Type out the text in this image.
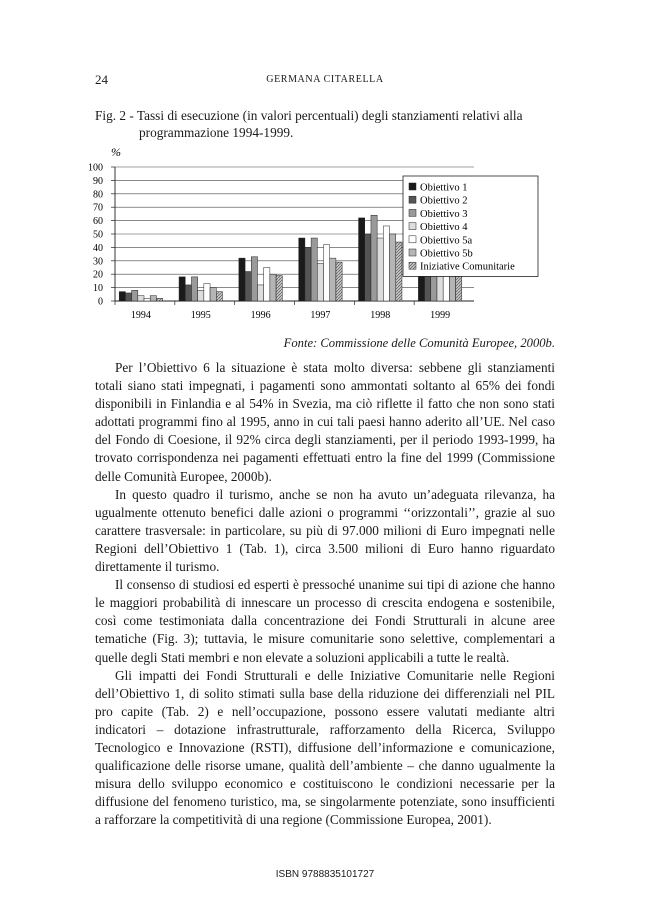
24	GERMANA CITARELLA
Fig. 2 - Tassi di esecuzione (in valori percentuali) degli stanziamenti relativi alla
programmazione 1994-1999.
0
10
20
30
40
50
60
70
80
90
100
1994	1995	1996	1997	1998	1999
%
Obiettivo 1
Obiettivo 2
Obiettivo 3
Obiettivo 4
Obiettivo 5a
Obiettivo 5b
Iniziative Comunitarie
Fonte: Commissione delle Comunità Europee, 2000b.

Per l’Obiettivo 6 la situazione è stata molto diversa: sebbene gli stanziamenti totali siano stati impegnati, i pagamenti sono ammontati soltanto al 65% dei fondi disponibili in Finlandia e al 54% in Svezia, ma ciò riflette il fatto che non sono stati adottati programmi fino al 1995, anno in cui tali paesi hanno aderito all’UE. Nel caso del Fondo di Coesione, il 92% circa degli stanziamenti, per il periodo 1993-1999, ha trovato corrispondenza nei pagamenti effettuati entro la fine del 1999 (Commissione delle Comunità Europee, 2000b).

In questo quadro il turismo, anche se non ha avuto un’adeguata rilevanza, ha ugualmente ottenuto benefici dalle azioni o programmi ‘‘orizzontali’’, grazie al suo carattere trasversale: in particolare, su più di 97.000 milioni di Euro impegnati nelle Regioni dell’Obiettivo 1 (Tab. 1), circa 3.500 milioni di Euro hanno riguardato direttamente il turismo.

Il consenso di studiosi ed esperti è pressoché unanime sui tipi di azione che hanno le maggiori probabilità di innescare un processo di crescita endogena e sostenibile, così come testimoniata dalla concentrazione dei Fondi Strutturali in alcune aree tematiche (Fig. 3); tuttavia, le misure comunitarie sono selettive, complementari a quelle degli Stati membri e non elevate a soluzioni applicabili a tutte le realtà.

Gli impatti dei Fondi Strutturali e delle Iniziative Comunitarie nelle Regioni dell’Obiettivo 1, di solito stimati sulla base della riduzione dei differenziali nel PIL pro capite (Tab. 2) e nell’occupazione, possono essere valutati mediante altri indicatori – dotazione infrastrutturale, rafforzamento della Ricerca, Sviluppo Tecnologico e Innovazione (RSTI), diffusione dell’informazione e comunicazione, qualificazione delle risorse umane, qualità dell’ambiente – che danno ugualmente la misura dello sviluppo economico e costituiscono le condizioni necessarie per la diffusione del fenomeno turistico, ma, se singolarmente potenziate, sono insufficienti a rafforzare la competitività di una regione (Commissione Europea, 2001).

ISBN 9788835101727
